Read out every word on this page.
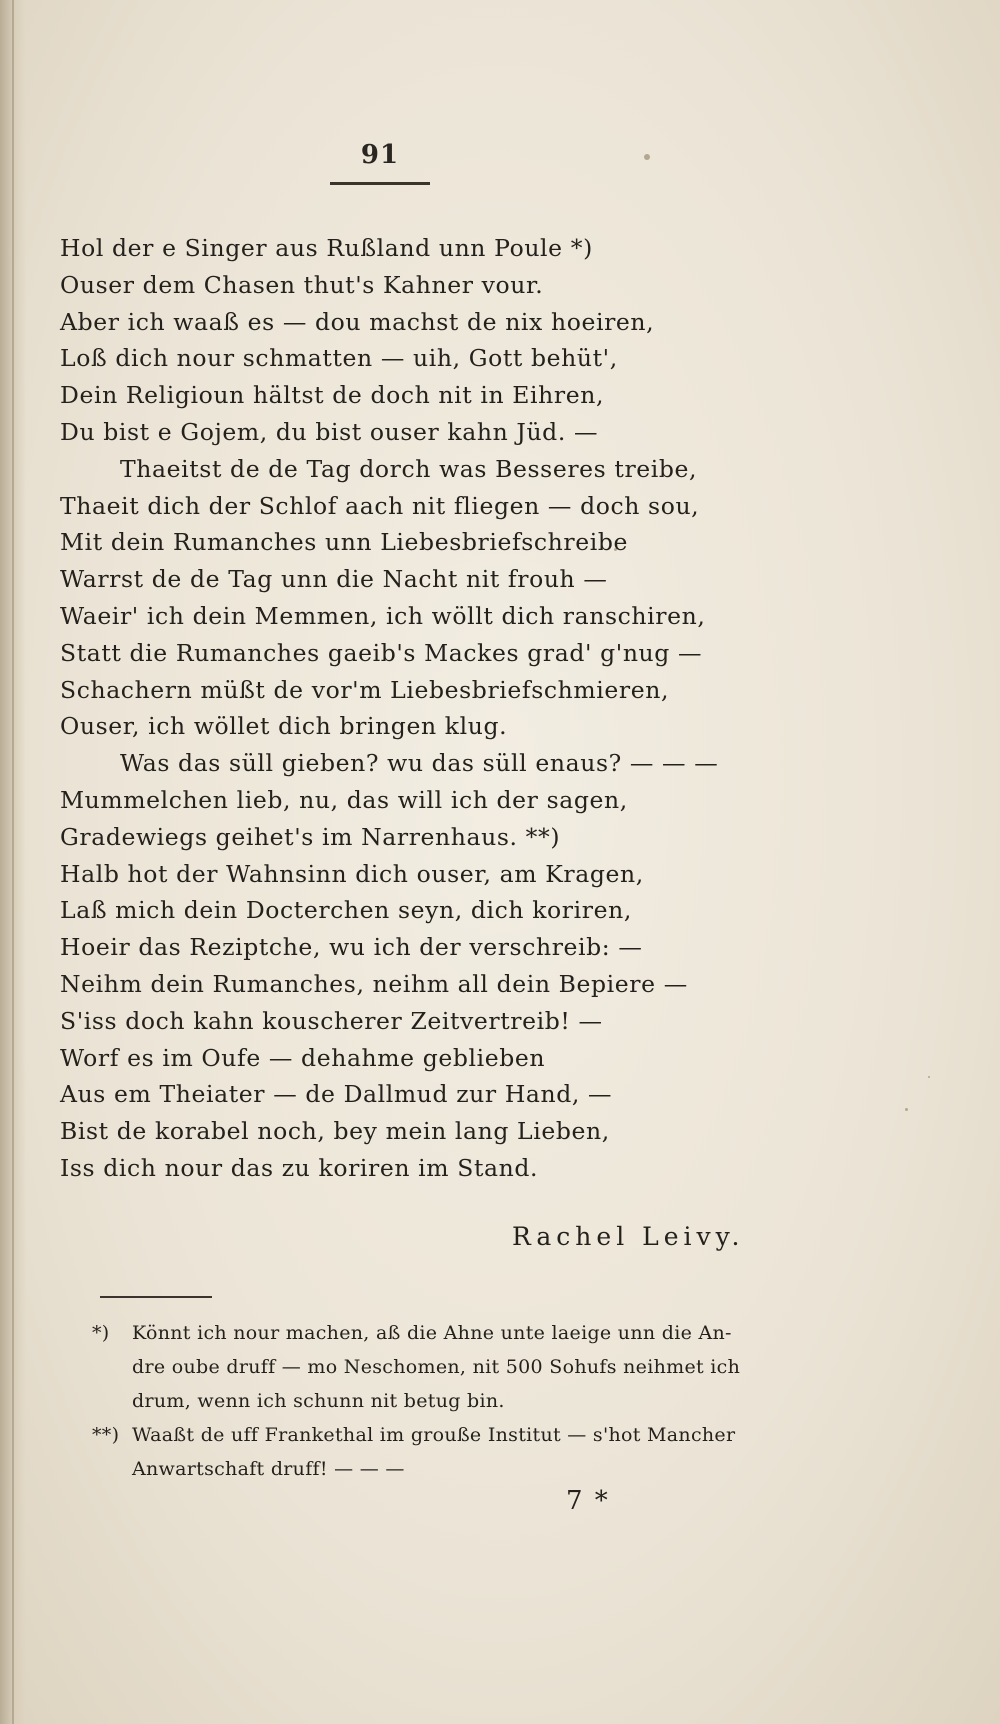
91
Hol der e Singer aus Rußland unn Poule *)
Ouser dem Chasen thut's Kahner vour.
Aber ich waaß es — dou machst de nix hoeiren,
Loß dich nour schmatten — uih, Gott behüt',
Dein Religioun hältst de doch nit in Eihren,
Du bist e Gojem, du bist ouser kahn Jüd. —
Thaeitst de de Tag dorch was Besseres treibe,
Thaeit dich der Schlof aach nit fliegen — doch sou,
Mit dein Rumanches unn Liebesbriefschreibe
Warrst de de Tag unn die Nacht nit frouh —
Waeir' ich dein Memmen, ich wöllt dich ranschiren,
Statt die Rumanches gaeib's Mackes grad' g'nug —
Schachern müßt de vor'm Liebesbriefschmieren,
Ouser, ich wöllet dich bringen klug.
Was das süll gieben? wu das süll enaus? — — —
Mummelchen lieb, nu, das will ich der sagen,
Gradewiegs geihet's im Narrenhaus. **)
Halb hot der Wahnsinn dich ouser, am Kragen,
Laß mich dein Docterchen seyn, dich koriren,
Hoeir das Reziptche, wu ich der verschreib: —
Neihm dein Rumanches, neihm all dein Bepiere —
S'iss doch kahn kouscherer Zeitvertreib! —
Worf es im Oufe — dehahme geblieben
Aus em Theiater — de Dallmud zur Hand, —
Bist de korabel noch, bey mein lang Lieben,
Iss dich nour das zu koriren im Stand.
Rachel Leivy.
*) Könnt ich nour machen, aß die Ahne unte laeige unn die An-
dre oube druff — mo Neschomen, nit 500 Sohufs neihmet ich
drum, wenn ich schunn nit betug bin.
**) Waaßt de uff Frankethal im grouße Institut — s'hot Mancher
Anwartschaft druff! — — —
7 *
